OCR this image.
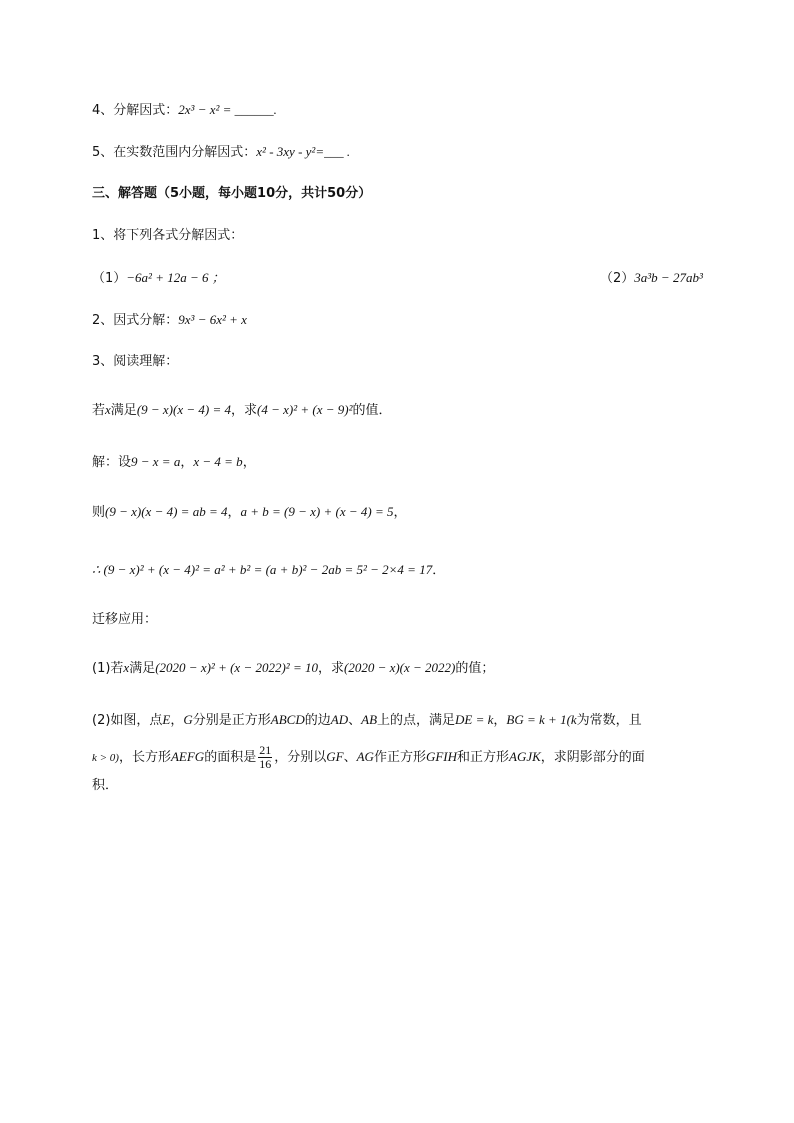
4、分解因式：2x³ − x² = ______.
5、在实数范围内分解因式：x² - 3xy - y²=___ .
三、解答题（5小题，每小题10分，共计50分）
1、将下列各式分解因式：
（1）−6a² + 12a − 6 ；	（2）3a³b − 27ab³
2、因式分解：9x³ − 6x² + x
3、阅读理解：
若x满足(9 − x)(x − 4) = 4，求(4 − x)² + (x − 9)²的值．
解：设9 − x = a，x − 4 = b，
则(9 − x)(x − 4) = ab = 4，a + b = (9 − x) + (x − 4) = 5，
∴ (9 − x)² + (x − 4)² = a² + b² = (a + b)² − 2ab = 5² − 2×4 = 17．
迁移应用：
(1)若x满足(2020 − x)² + (x − 2022)² = 10，求(2020 − x)(x − 2022)的值；
(2)如图，点E，G分别是正方形ABCD的边AD、AB上的点，满足DE = k，BG = k + 1(k为常数，且
k > 0)，长方形AEFG的面积是 $\frac{21}{16}$ ，分别以GF、AG作正方形GFIH和正方形AGJK，求阴影部分的面
积．
